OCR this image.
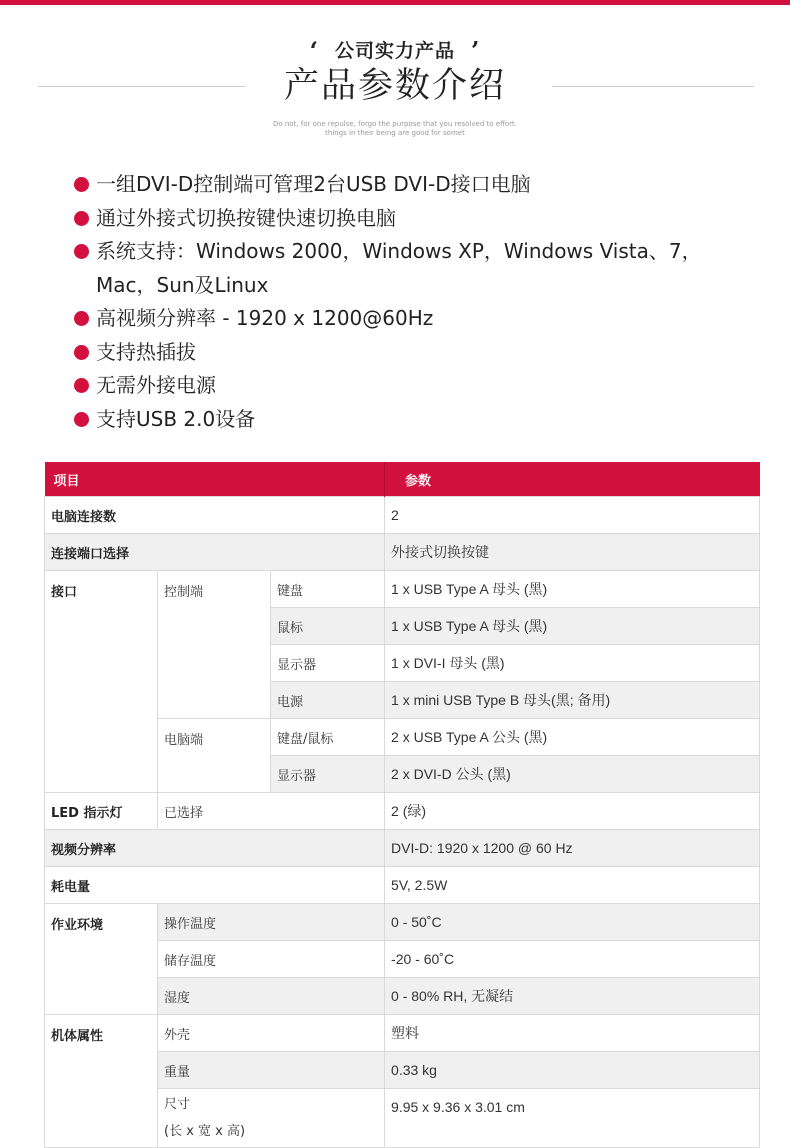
‘ 公司实力产品 ’
产品参数介绍
Do not, for one repulse, forgo the purpose that you resolved to effort.
things in their being are good for somet
一组DVI-D控制端可管理2台USB DVI-D接口电脑
通过外接式切换按键快速切换电脑
系统支持：Windows 2000，Windows XP，Windows Vista、7，Mac，Sun及Linux
高视频分辨率 - 1920 x 1200@60Hz
支持热插拔
无需外接电源
支持USB 2.0设备
项目			参数
电脑连接数			2
连接端口选择			外接式切换按键
接口	控制端	键盘	1 x USB Type A 母头 (黑)
		鼠标	1 x USB Type A 母头 (黑)
		显示器	1 x DVI-I 母头 (黑)
		电源	1 x mini USB Type B 母头(黑; 备用)
	电脑端	键盘/鼠标	2 x USB Type A 公头 (黑)
		显示器	2 x DVI-D 公头 (黑)
LED 指示灯	已选择		2 (绿)
视频分辨率			DVI-D: 1920 x 1200 @ 60 Hz
耗电量			5V, 2.5W
作业环境	操作温度		0 - 50˚C
	储存温度		-20 - 60˚C
	湿度		0 - 80% RH, 无凝结
机体属性	外壳		塑料
	重量		0.33 kg
	尺寸
(长 x 宽 x 高)		9.95 x 9.36 x 3.01 cm
